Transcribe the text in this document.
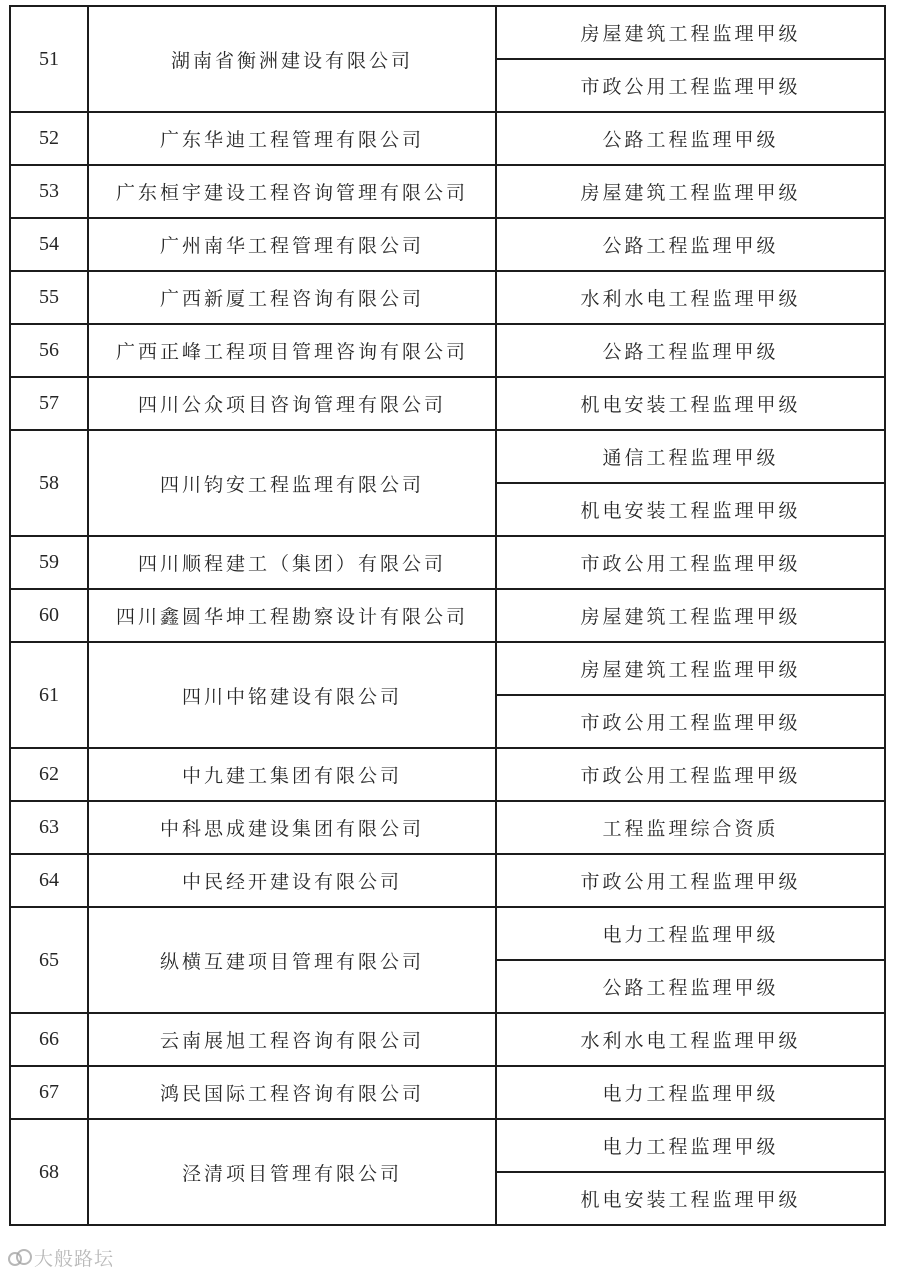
51	湖南省衡洲建设有限公司	房屋建筑工程监理甲级
		市政公用工程监理甲级
52	广东华迪工程管理有限公司	公路工程监理甲级
53	广东桓宇建设工程咨询管理有限公司	房屋建筑工程监理甲级
54	广州南华工程管理有限公司	公路工程监理甲级
55	广西新厦工程咨询有限公司	水利水电工程监理甲级
56	广西正峰工程项目管理咨询有限公司	公路工程监理甲级
57	四川公众项目咨询管理有限公司	机电安装工程监理甲级
58	四川钧安工程监理有限公司	通信工程监理甲级
		机电安装工程监理甲级
59	四川顺程建工（集团）有限公司	市政公用工程监理甲级
60	四川鑫圆华坤工程勘察设计有限公司	房屋建筑工程监理甲级
61	四川中铭建设有限公司	房屋建筑工程监理甲级
		市政公用工程监理甲级
62	中九建工集团有限公司	市政公用工程监理甲级
63	中科思成建设集团有限公司	工程监理综合资质
64	中民经开建设有限公司	市政公用工程监理甲级
65	纵横互建项目管理有限公司	电力工程监理甲级
		公路工程监理甲级
66	云南展旭工程咨询有限公司	水利水电工程监理甲级
67	鸿民国际工程咨询有限公司	电力工程监理甲级
68	泾清项目管理有限公司	电力工程监理甲级
		机电安装工程监理甲级
大般路坛
